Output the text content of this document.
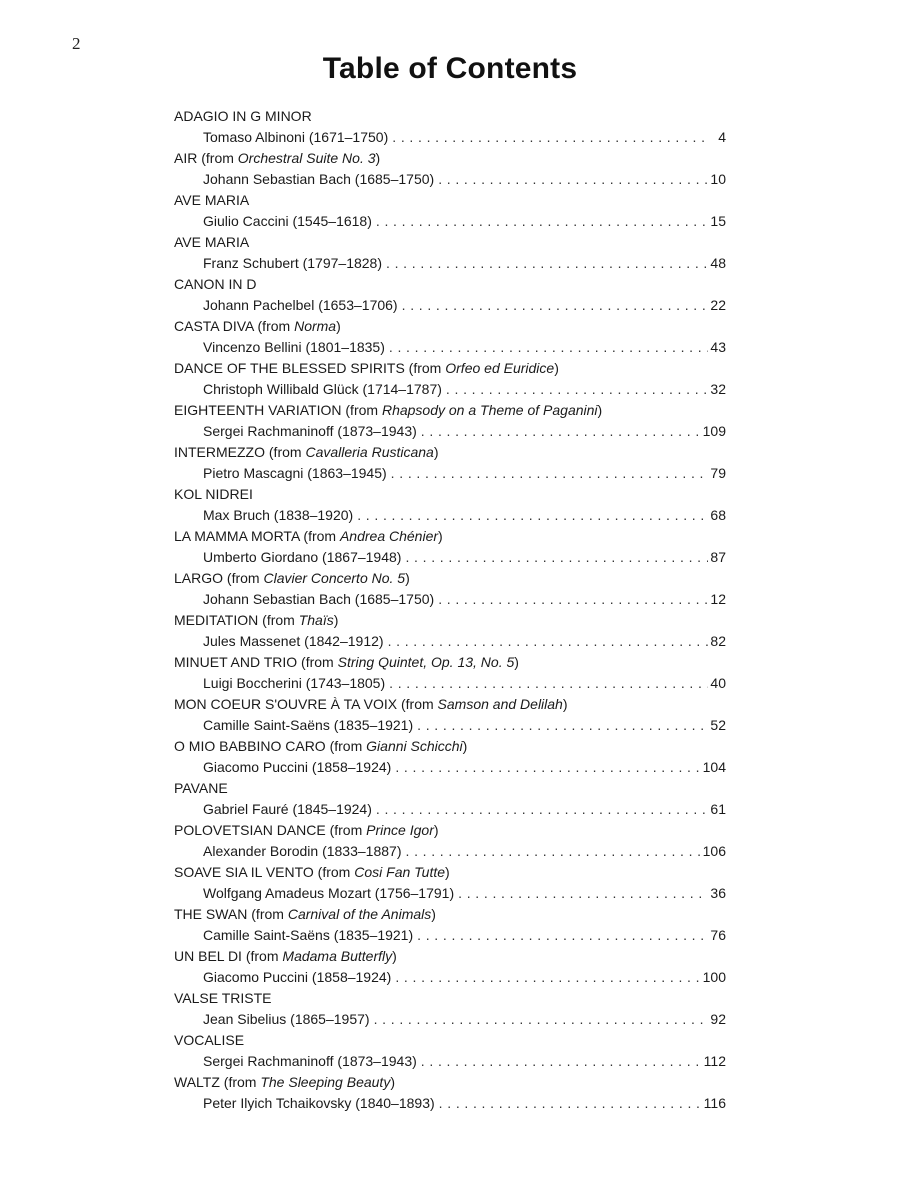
2
Table of Contents
ADAGIO IN G MINOR
Tomaso Albinoni (1671–1750) . . .	4
AIR (from Orchestral Suite No. 3)
Johann Sebastian Bach (1685–1750) . . .	10
AVE MARIA
Giulio Caccini (1545–1618) . . .	15
AVE MARIA
Franz Schubert (1797–1828) . . .	48
CANON IN D
Johann Pachelbel (1653–1706) . . .	22
CASTA DIVA (from Norma)
Vincenzo Bellini (1801–1835) . . .	43
DANCE OF THE BLESSED SPIRITS (from Orfeo ed Euridice)
Christoph Willibald Glück (1714–1787) . . .	32
EIGHTEENTH VARIATION (from Rhapsody on a Theme of Paganini)
Sergei Rachmaninoff (1873–1943) . . .	109
INTERMEZZO (from Cavalleria Rusticana)
Pietro Mascagni (1863–1945) . . .	79
KOL NIDREI
Max Bruch (1838–1920) . . .	68
LA MAMMA MORTA (from Andrea Chénier)
Umberto Giordano (1867–1948) . . .	87
LARGO (from Clavier Concerto No. 5)
Johann Sebastian Bach (1685–1750) . . .	12
MEDITATION (from Thaïs)
Jules Massenet (1842–1912) . . .	82
MINUET AND TRIO (from String Quintet, Op. 13, No. 5)
Luigi Boccherini (1743–1805) . . .	40
MON COEUR S'OUVRE À TA VOIX (from Samson and Delilah)
Camille Saint-Saëns (1835–1921) . . .	52
O MIO BABBINO CARO (from Gianni Schicchi)
Giacomo Puccini (1858–1924) . . .	104
PAVANE
Gabriel Fauré (1845–1924) . . .	61
POLOVETSIAN DANCE (from Prince Igor)
Alexander Borodin (1833–1887) . . .	106
SOAVE SIA IL VENTO (from Cosi Fan Tutte)
Wolfgang Amadeus Mozart (1756–1791) . . .	36
THE SWAN (from Carnival of the Animals)
Camille Saint-Saëns (1835–1921) . . .	76
UN BEL DI (from Madama Butterfly)
Giacomo Puccini (1858–1924) . . .	100
VALSE TRISTE
Jean Sibelius (1865–1957) . . .	92
VOCALISE
Sergei Rachmaninoff (1873–1943) . . .	112
WALTZ (from The Sleeping Beauty)
Peter Ilyich Tchaikovsky (1840–1893) . . .	116
